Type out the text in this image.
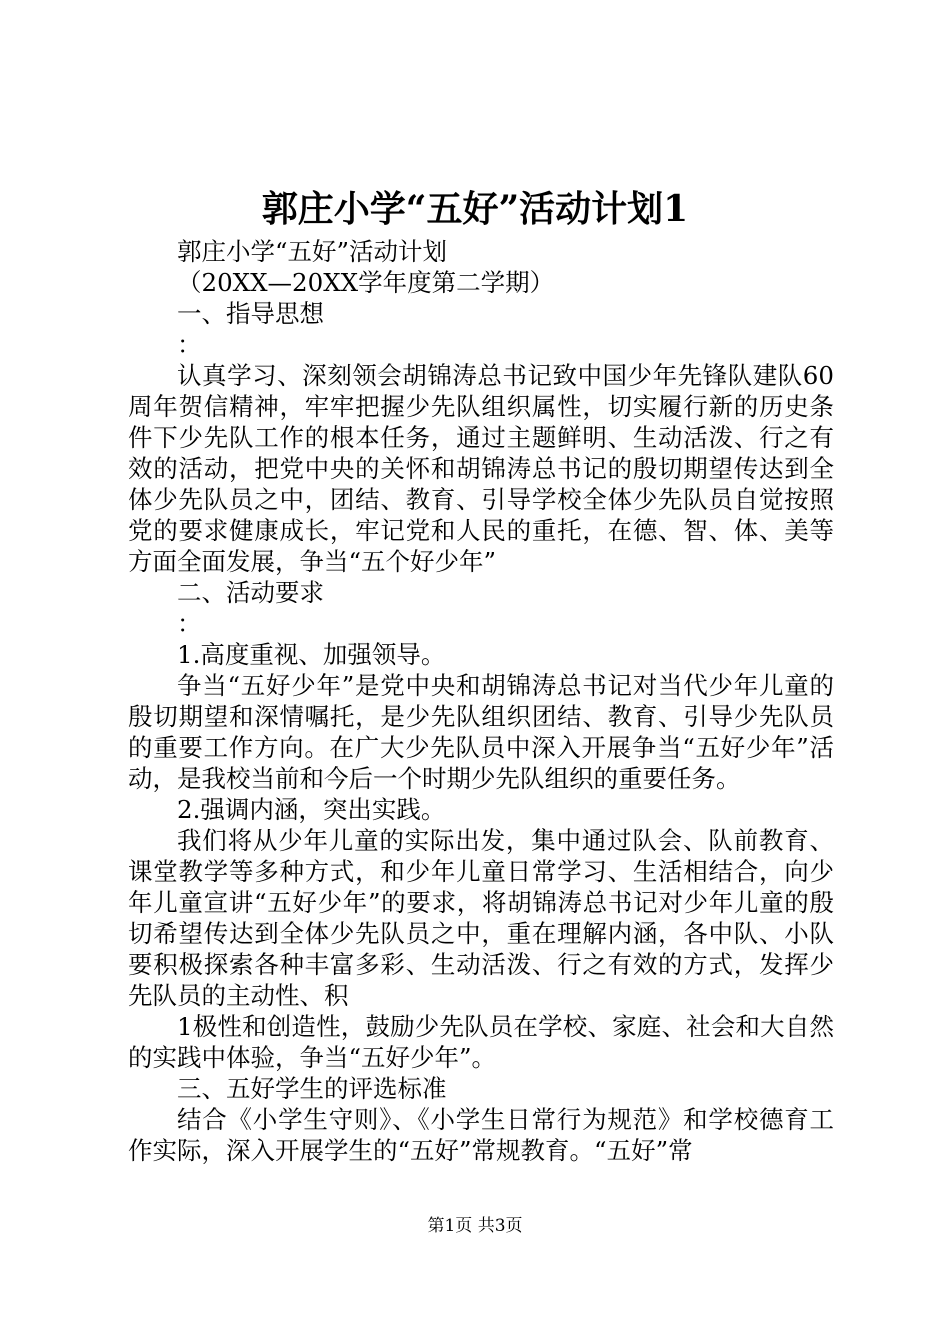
郭庄小学“五好”活动计划1

郭庄小学“五好”活动计划

（20XX—20XX学年度第二学期）

一、指导思想

：

认真学习、深刻领会胡锦涛总书记致中国少年先锋队建队60周年贺信精神，牢牢把握少先队组织属性，切实履行新的历史条件下少先队工作的根本任务，通过主题鲜明、生动活泼、行之有效的活动，把党中央的关怀和胡锦涛总书记的殷切期望传达到全体少先队员之中，团结、教育、引导学校全体少先队员自觉按照党的要求健康成长，牢记党和人民的重托，在德、智、体、美等方面全面发展，争当“五个好少年”

二、活动要求

：

1.高度重视、加强领导。

争当“五好少年”是党中央和胡锦涛总书记对当代少年儿童的殷切期望和深情嘱托，是少先队组织团结、教育、引导少先队员的重要工作方向。在广大少先队员中深入开展争当“五好少年”活动，是我校当前和今后一个时期少先队组织的重要任务。

2.强调内涵，突出实践。

我们将从少年儿童的实际出发，集中通过队会、队前教育、课堂教学等多种方式，和少年儿童日常学习、生活相结合，向少年儿童宣讲“五好少年”的要求，将胡锦涛总书记对少年儿童的殷切希望传达到全体少先队员之中，重在理解内涵，各中队、小队要积极探索各种丰富多彩、生动活泼、行之有效的方式，发挥少先队员的主动性、积

1极性和创造性，鼓励少先队员在学校、家庭、社会和大自然的实践中体验，争当“五好少年”。

三、五好学生的评选标准

结合《小学生守则》、《小学生日常行为规范》和学校德育工作实际，深入开展学生的“五好”常规教育。“五好”常

第1页 共3页
